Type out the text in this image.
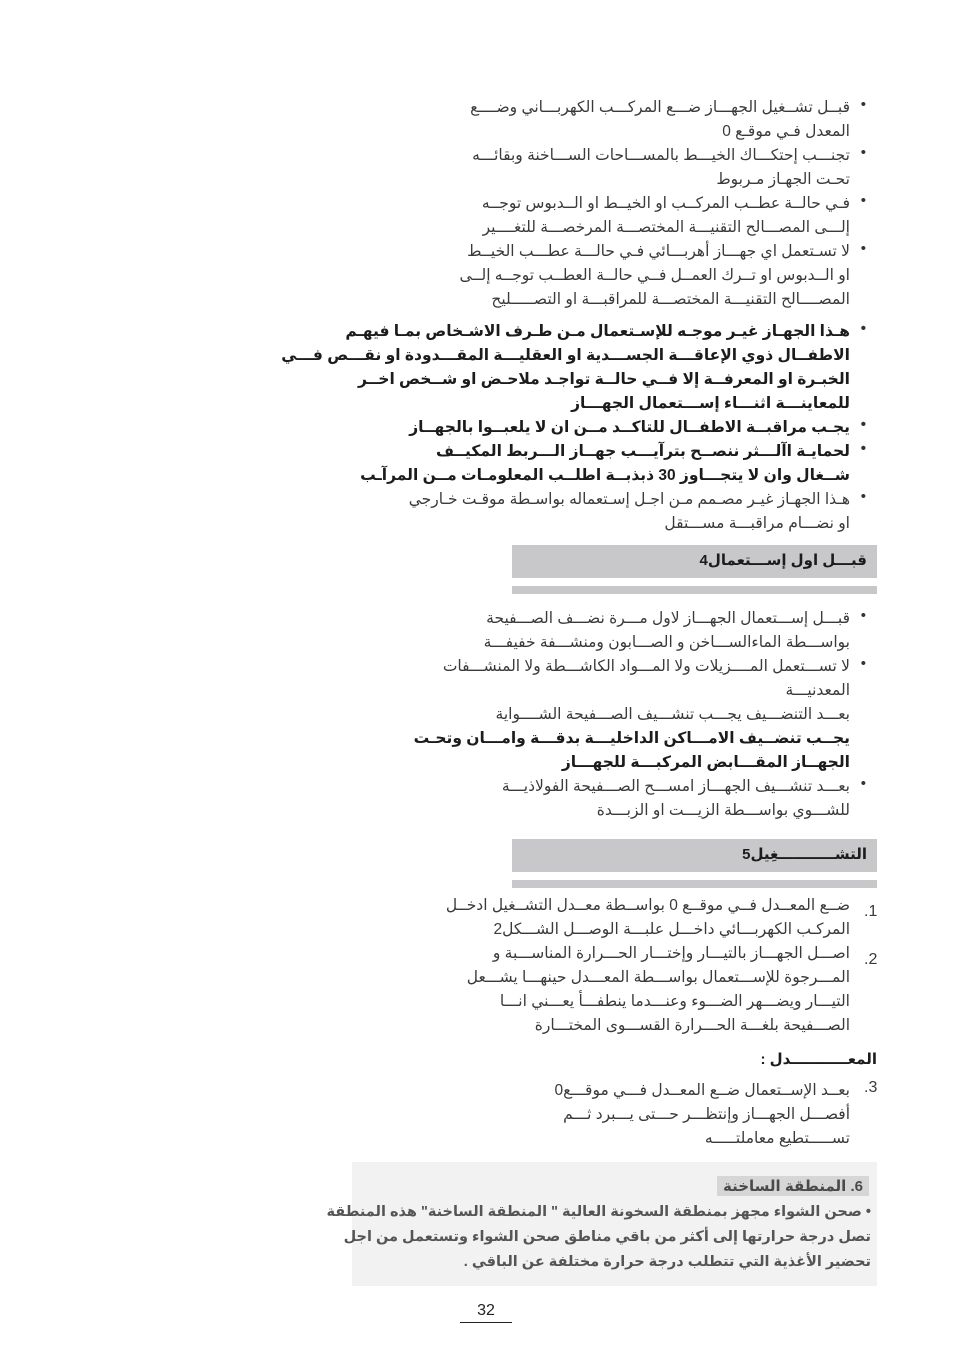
• قبــل تشــغيل الجهـــاز ضـــع المركـــب الكهربـــاني وضــــع
المعدل فـي موقـع 0
• تجنـــب إحتكـــاك الخيـــط بالمســـاحات الســـاخنة وبقائـــه
تحـت الجهـاز مـربوط
• فـي حالــة عطــب المركــب او الخيــط او الــدبوس توجــه
إلـــى المصـــالح التقنيـــة المختصـــة المرخصـــة للتغــــير
• لا تسـتعمل اي جهـــاز أهربـــائي فـي حالـــة عطـــب الخيــط
او الــدبوس او تــرك العمــل فــي حالــة العطــب توجــه إلــى
المصــــالح التقنيـــة المختصـــة للمراقبـــة او التصـــــليح
• هـذا الجهـاز غيـر موجـه للإسـتعمال مـن طـرف الاشـخاص بمـا فيهـم
الاطفــال ذوي الإعاقـــة الجســـدية او العقليـــة المقـــدودة او نقـــص فـــي
الخبـرة او المعرفــة إلا فــي حالــة تواجـد ملاحـض او شــخص اخــر
للمعاينـــة اثنـــاء إســـتعمال الجهـــاز
• يجـب مراقبــة الاطفــال للتاكــد مــن ان لا يلعبــوا بالجهــاز
• لحمايـة اآلـــثر ننصــح بترآيـــب جهــاز الـــربط المكيــف
شــغال وان لا يتجـــاوز 30 ذبذبــة اطلــب المعلومـات مــن المرآـب
• هـذا الجهـاز غيـر مصـمم مـن اجـل إسـتعماله بواسـطة موقـت خـارجي
او نضـــام مراقبـــة مســـتقل
قبـــل اول إســـتعمال4
• قبـــل إســـتعمال الجهـــاز لاول مـــرة نضـــف الصـــفيحة
بواســـطة الماءالســـاخن و الصـــابون ومنشـــفة خفيفـــة
• لا تســـتعمل المــــزيلات ولا المـــواد الكاشـــطة ولا المنشـــفات
المعدنيـــة
بعـــد التنضـــيف يجـــب تنشـــيف الصـــفيحة الشــــواية
يجــب تنضــيف الامـــاكن الداخليـــة بدقـــة وامـــان وتحـت
الجهــاز المقـــابض المركبـــة للجهـــاز
• بعـــد تنشـــيف الجهـــاز امســـح الصـــفيحة الفولاذيـــة
للشـــوي بواســـطة الزيـــت او الزبـــدة
التشـــــــــــغِيل5
.1
ضــع المعــدل فــي موقــع 0 بواســطة معــدل التشــغيل ادخــل
المركـب الكهربـــائي داخـــل علبـــة الوصـــل الشـــكل2
.2
اصـــل الجهـــاز بالتيـــار وإختـــار الحـــرارة المناســـبة و
المـــرجوة للإســـتعمال بواســـطة المعـــدل حينهـــا يشـــعل
التيـــار ويضـــهر الضـــوء وعنـــدما ينطفـــأ يعـــني انـــا
الصـــفيحة بلغـــة الحـــرارة القســـوى المختـــارة
المعـــــــــــدل :
.3
بعــد الإســتعمال ضــع المعــدل فـــي موقـــع0
أفصـــل الجهـــاز وإنتظـــر حـــتى يـــبرد ثـــم
تســـــتطيع معاملتـــــه
6. المنطقة الساخنة
• صحن الشواء مجهز بمنطقة السخونة العالية " المنطقة الساخنة" هذه المنطقة
تصل درجة حرارتها إلى أكثر من باقي مناطق صحن الشواء وتستعمل من اجل
تحضير الأغذية التي تتطلب درجة حرارة مختلفة عن الباقي .
32
